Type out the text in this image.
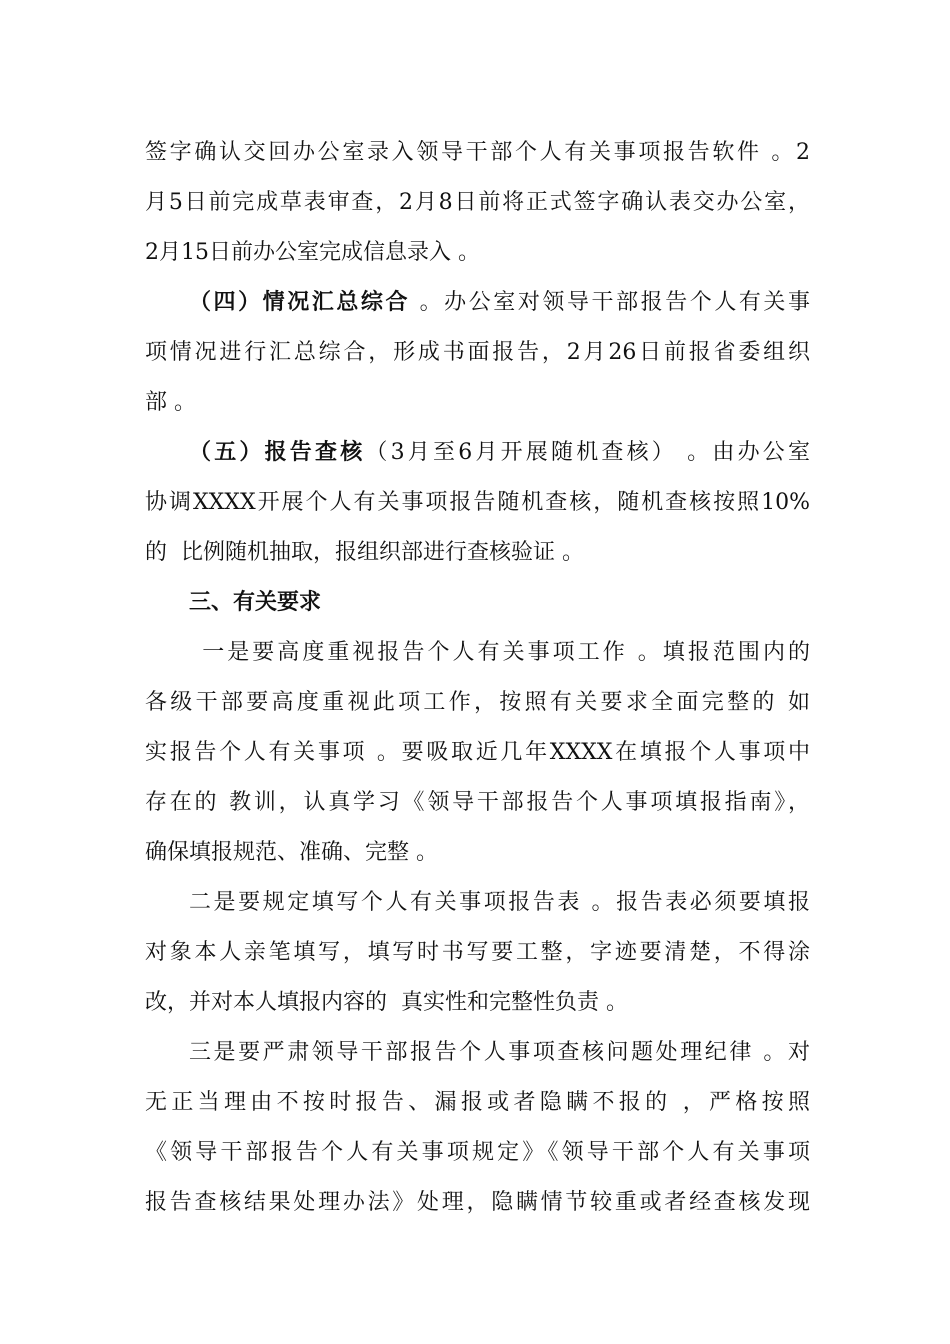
签字确认交回办公室录入领导干部个人有关事项报告软件 。2
月5日前完成草表审查，2月8日前将正式签字确认表交办公室，
2月15日前办公室完成信息录入 。
（四）情况汇总综合 。办公室对领导干部报告个人有关事
项情况进行汇总综合，形成书面报告，2月26日前报省委组织
部 。
（五）报告查核（3月至6月开展随机查核） 。由办公室
协调XXXX开展个人有关事项报告随机查核，随机查核按照10%
的  比例随机抽取，报组织部进行查核验证 。
三、有关要求
一是要高度重视报告个人有关事项工作 。填报范围内的
各级干部要高度重视此项工作，按照有关要求全面完整的 如
实报告个人有关事项 。要吸取近几年XXXX在填报个人事项中
存在的 教训，认真学习《领导干部报告个人事项填报指南》，
确保填报规范、准确、完整 。
二是要规定填写个人有关事项报告表 。报告表必须要填报
对象本人亲笔填写，填写时书写要工整，字迹要清楚，不得涂
改，并对本人填报内容的  真实性和完整性负责 。
三是要严肃领导干部报告个人事项查核问题处理纪律 。对
无正当理由不按时报告、漏报或者隐瞒不报的 ，严格按照
《领导干部报告个人有关事项规定》《领导干部个人有关事项
报告查核结果处理办法》处理，隐瞒情节较重或者经查核发现
